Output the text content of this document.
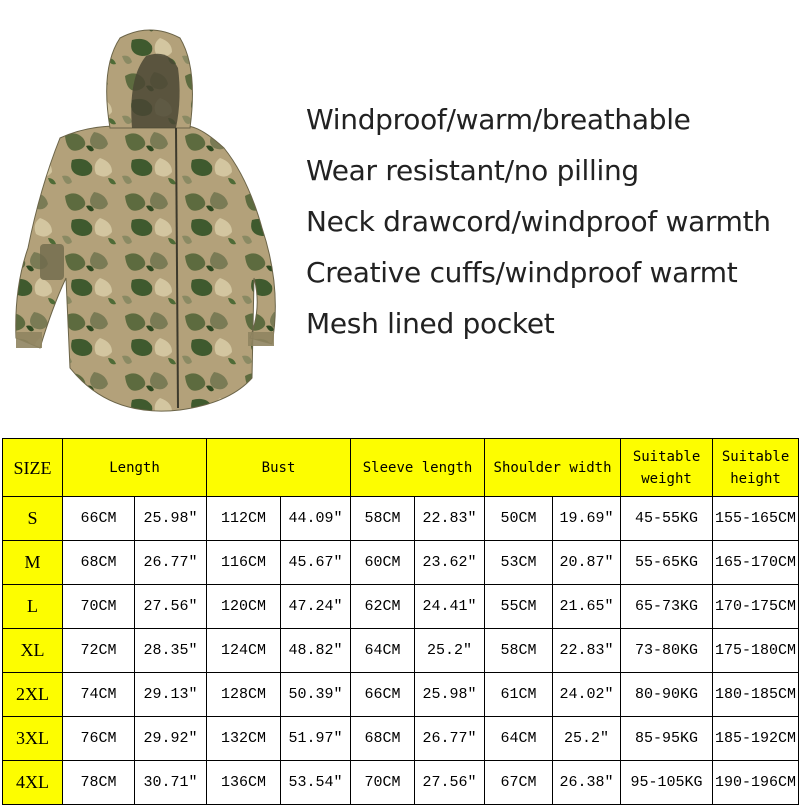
Windproof/warm/breathable
Wear resistant/no pilling
Neck drawcord/windproof warmth
Creative cuffs/windproof warmt
Mesh lined pocket
SIZE	Length		Bust		Sleeve length		Shoulder width		Suitable weight	Suitable height
S	66CM	25.98″	112CM	44.09″	58CM	22.83″	50CM	19.69″	45-55KG	155-165CM
M	68CM	26.77″	116CM	45.67″	60CM	23.62″	53CM	20.87″	55-65KG	165-170CM
L	70CM	27.56″	120CM	47.24″	62CM	24.41″	55CM	21.65″	65-73KG	170-175CM
XL	72CM	28.35″	124CM	48.82″	64CM	25.2″	58CM	22.83″	73-80KG	175-180CM
2XL	74CM	29.13″	128CM	50.39″	66CM	25.98″	61CM	24.02″	80-90KG	180-185CM
3XL	76CM	29.92″	132CM	51.97″	68CM	26.77″	64CM	25.2″	85-95KG	185-192CM
4XL	78CM	30.71″	136CM	53.54″	70CM	27.56″	67CM	26.38″	95-105KG	190-196CM
